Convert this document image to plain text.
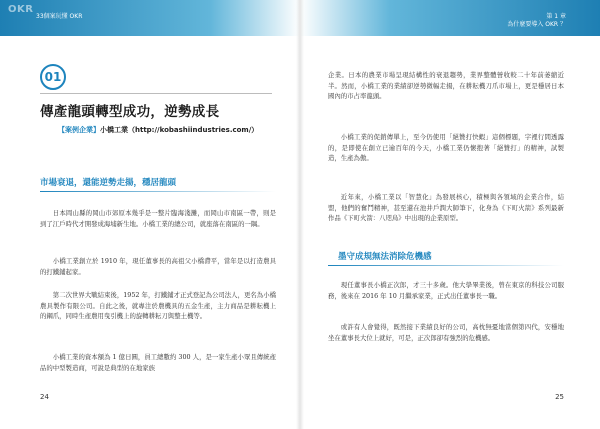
OKR
33個案玩懂 OKR
01
傳產龍頭轉型成功，逆勢成長
【案例企業】小橋工業（http://kobashiindustries.com/）
市場衰退，還能逆勢走揚，穩居龍頭

日本岡山縣的岡山市郊原本幾乎是一整片臨海淺灘，而岡山市南區一帶，則是到了江戶時代才開發成海埔新生地。小橋工業的總公司，就座落在南區的一隅。

小橋工業創立於 1910 年，現任董事長的高祖父小橋滯平，當年是以打造農具的打鐵鋪起家。

第二次世界大戰結束後，1952 年，打鐵鋪才正式登記為公司法人，更名為小橋農具製作有限公司。自此之後，就專注於農機具的五金生產，主力商品是耕耘機上的鋼爪，同時生產農用曳引機上的旋轉耕耘刀與整土機等。

小橋工業的資本額為 1 億日圓，員工總數約 300 人，是一家生產小眾且傳統產品的中型製造商，可說是典型的在地家族

24
第 1 章
為什麼要導入 OKR ？

企業。日本的農業市場呈現結構性的衰退趨勢，業界整體營收較二十年前萎縮近半。然而，小橋工業的業績卻逆勢微幅走揚，在耕耘機刀爪市場上，更是穩居日本國內的市占率龍頭。

小橋工業的促銷傳單上，至今仍使用「絕贊打快蝦」這個標題，字裡行間透露的，是即使在創立已逾百年的今天，小橋工業仍懷抱著「絕贊打」的精神，試製造，生產為傲。

近年來，小橋工業以「智慧化」為發展核心，積極與各領域的企業合作，結盟，他們的奮鬥精神，甚至還在池井戶潤大師筆下，化身為《下町火箭》系列最新作品《下町火箭：八咫烏》中出現的企業原型。

墨守成規無法消除危機感

現任董事長小橋正次郎，才三十多歲。他大學畢業後，曾在東京的科技公司服務，後來在 2016 年 10 月繼承家業，正式出任董事長一職。

或許有人會覺得，既然接下業績良好的公司，高枕無憂地當個第四代，安穩地坐在董事長大位上就好，可是，正次郎卻有強烈的危機感。

25
